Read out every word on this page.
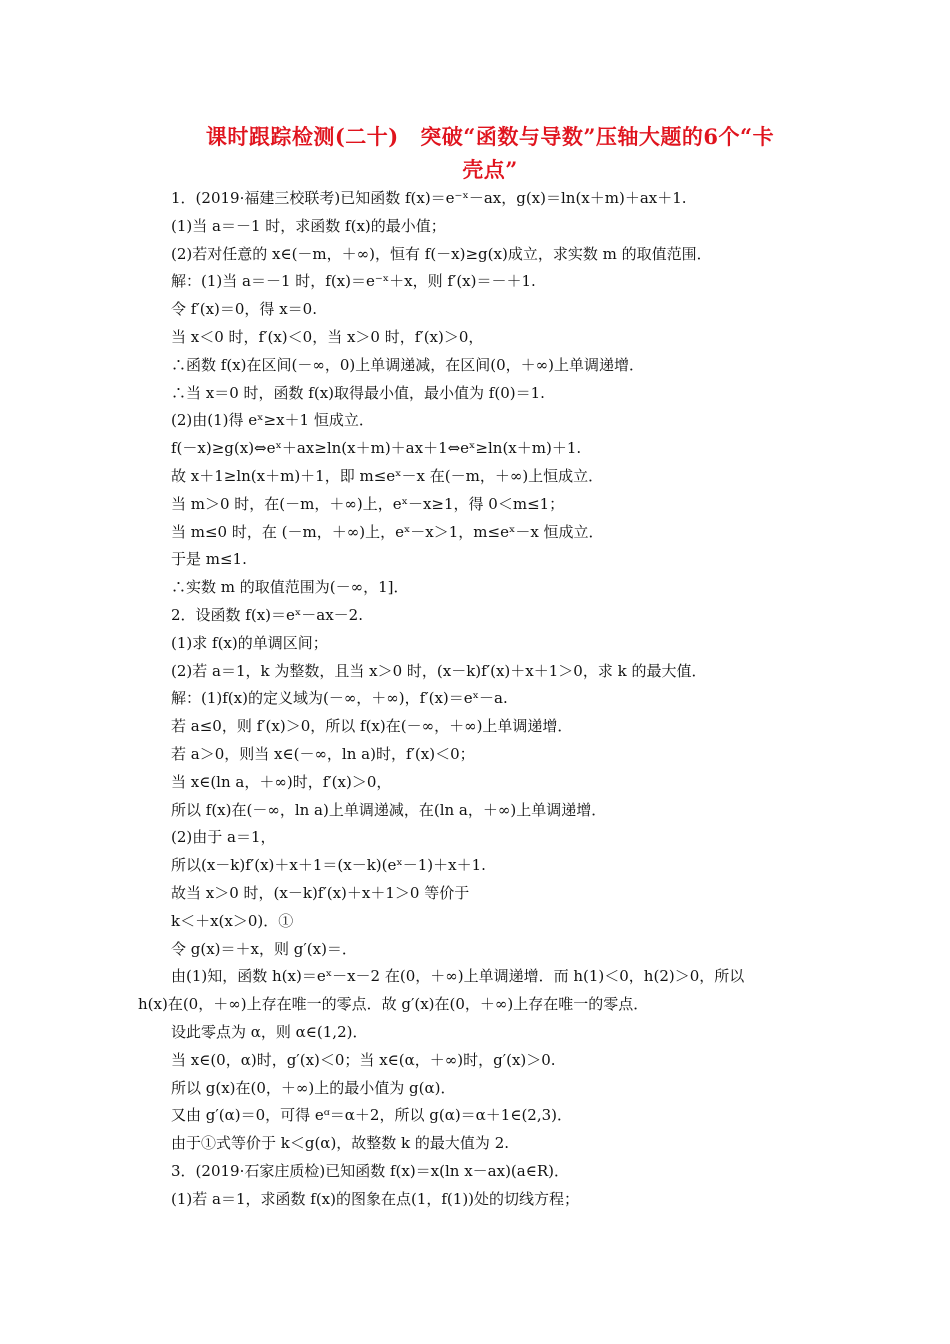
课时跟踪检测(二十)　突破“函数与导数”压轴大题的6个“卡
壳点”
1．(2019·福建三校联考)已知函数 f(x)＝e⁻ˣ－ax，g(x)＝ln(x＋m)＋ax＋1.
(1)当 a＝－1 时，求函数 f(x)的最小值；
(2)若对任意的 x∈(－m，＋∞)，恒有 f(－x)≥g(x)成立，求实数 m 的取值范围．
解：(1)当 a＝－1 时，f(x)＝e⁻ˣ＋x，则 f′(x)＝－＋1.
令 f′(x)＝0，得 x＝0.
当 x＜0 时，f′(x)＜0，当 x＞0 时，f′(x)＞0，
∴函数 f(x)在区间(－∞，0)上单调递减，在区间(0，＋∞)上单调递增．
∴当 x＝0 时，函数 f(x)取得最小值，最小值为 f(0)＝1.
(2)由(1)得 eˣ≥x＋1 恒成立．
f(－x)≥g(x)⇔eˣ＋ax≥ln(x＋m)＋ax＋1⇔eˣ≥ln(x＋m)＋1.
故 x＋1≥ln(x＋m)＋1，即 m≤eˣ－x 在(－m，＋∞)上恒成立．
当 m＞0 时，在(－m，＋∞)上，eˣ－x≥1，得 0＜m≤1；
当 m≤0 时，在 (－m，＋∞)上，eˣ－x＞1，m≤eˣ－x 恒成立．
于是 m≤1.
∴实数 m 的取值范围为(－∞，1]．
2．设函数 f(x)＝eˣ－ax－2.
(1)求 f(x)的单调区间；
(2)若 a＝1，k 为整数，且当 x＞0 时，(x－k)f′(x)＋x＋1＞0，求 k 的最大值．
解：(1)f(x)的定义域为(－∞，＋∞)，f′(x)＝eˣ－a.
若 a≤0，则 f′(x)＞0，所以 f(x)在(－∞，＋∞)上单调递增．
若 a＞0，则当 x∈(－∞，ln a)时，f′(x)＜0；
当 x∈(ln a，＋∞)时，f′(x)＞0，
所以 f(x)在(－∞，ln a)上单调递减，在(ln a，＋∞)上单调递增．
(2)由于 a＝1，
所以(x－k)f′(x)＋x＋1＝(x－k)(eˣ－1)＋x＋1.
故当 x＞0 时，(x－k)f′(x)＋x＋1＞0 等价于
k＜＋x(x＞0)．①
令 g(x)＝＋x，则 g′(x)＝．
由(1)知，函数 h(x)＝eˣ－x－2 在(0，＋∞)上单调递增．而 h(1)＜0，h(2)＞0，所以
h(x)在(0，＋∞)上存在唯一的零点．故 g′(x)在(0，＋∞)上存在唯一的零点．
设此零点为 α，则 α∈(1,2)．
当 x∈(0，α)时，g′(x)＜0；当 x∈(α，＋∞)时，g′(x)＞0.
所以 g(x)在(0，＋∞)上的最小值为 g(α)．
又由 g′(α)＝0，可得 eᵅ＝α＋2，所以 g(α)＝α＋1∈(2,3)．
由于①式等价于 k＜g(α)，故整数 k 的最大值为 2.
3．(2019·石家庄质检)已知函数 f(x)＝x(ln x－ax)(a∈R)．
(1)若 a＝1，求函数 f(x)的图象在点(1，f(1))处的切线方程；
